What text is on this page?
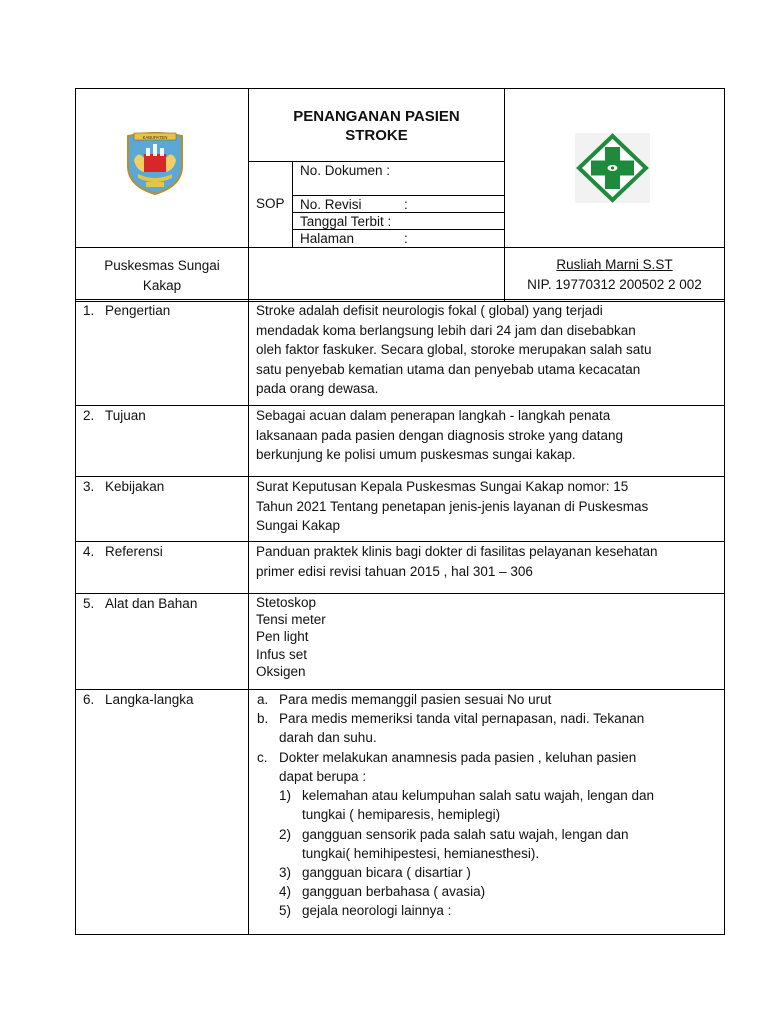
KABUPATEN
PENANGANAN PASIEN
STROKE
SOP
No. Dokumen :
No. Revisi	:
Tanggal Terbit :
Halaman	:
Puskesmas Sungai
Kakap
Rusliah Marni S.ST
NIP. 19770312 200502 2 002
1. Pengertian	Stroke adalah defisit neurologis fokal ( global) yang terjadi
mendadak koma berlangsung lebih dari 24 jam dan disebabkan
oleh faktor faskuker. Secara global, storoke merupakan salah satu
satu penyebab kematian utama dan penyebab utama kecacatan
pada orang dewasa.
2. Tujuan	Sebagai acuan dalam penerapan langkah - langkah penata
laksanaan pada pasien dengan diagnosis stroke yang datang
berkunjung ke polisi umum puskesmas sungai kakap.
3. Kebijakan	Surat Keputusan Kepala Puskesmas Sungai Kakap nomor: 15
Tahun 2021 Tentang penetapan jenis-jenis layanan di Puskesmas
Sungai Kakap
4. Referensi	Panduan praktek klinis bagi dokter di fasilitas pelayanan kesehatan
primer edisi revisi tahuan 2015 , hal 301 – 306
5. Alat dan Bahan	Stetoskop
Tensi meter
Pen light
Infus set
Oksigen
6. Langka-langka	a. Para medis memanggil pasien sesuai No urut
b. Para medis memeriksi tanda vital pernapasan, nadi. Tekanan
darah dan suhu.
c. Dokter melakukan anamnesis pada pasien , keluhan pasien
dapat berupa :
1) kelemahan atau kelumpuhan salah satu wajah, lengan dan
tungkai ( hemiparesis, hemiplegi)
2) gangguan sensorik pada salah satu wajah, lengan dan
tungkai( hemihipestesi, hemianesthesi).
3) gangguan bicara ( disartiar )
4) gangguan berbahasa ( avasia)
5) gejala neorologi lainnya :
